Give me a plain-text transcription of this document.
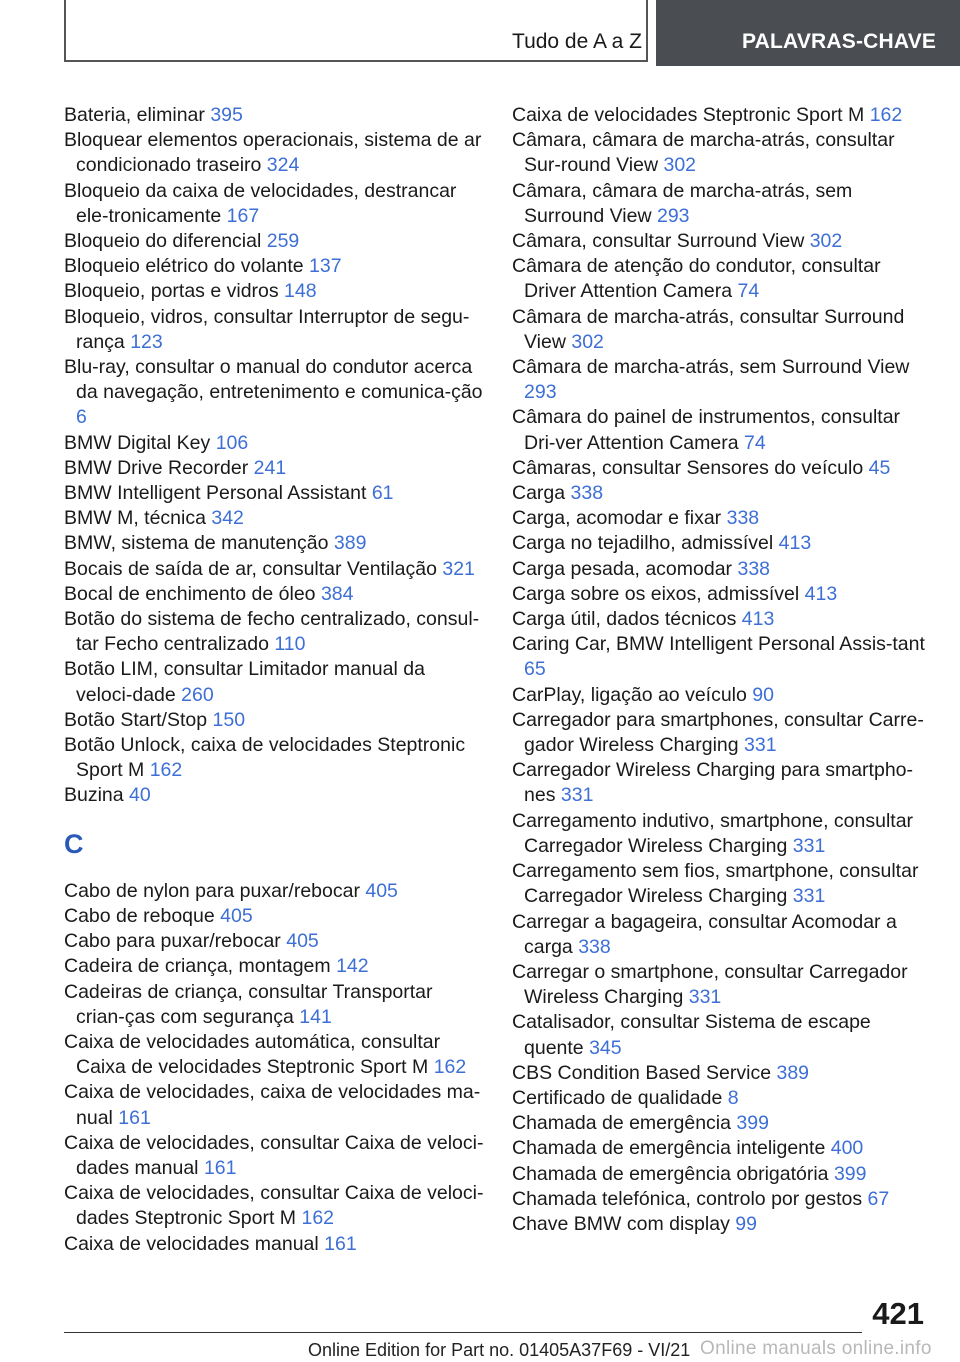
Tudo de A a Z	PALAVRAS-CHAVE
Bateria, eliminar 395
Bloquear elementos operacionais, sistema de ar condicionado traseiro 324
Bloqueio da caixa de velocidades, destrancar ele-tronicamente 167
Bloqueio do diferencial 259
Bloqueio elétrico do volante 137
Bloqueio, portas e vidros 148
Bloqueio, vidros, consultar Interruptor de segu-rança 123
Blu-ray, consultar o manual do condutor acerca da navegação, entretenimento e comunica-ção 6
BMW Digital Key 106
BMW Drive Recorder 241
BMW Intelligent Personal Assistant 61
BMW M, técnica 342
BMW, sistema de manutenção 389
Bocais de saída de ar, consultar Ventilação 321
Bocal de enchimento de óleo 384
Botão do sistema de fecho centralizado, consul-tar Fecho centralizado 110
Botão LIM, consultar Limitador manual da veloci-dade 260
Botão Start/Stop 150
Botão Unlock, caixa de velocidades Steptronic Sport M 162
Buzina 40
C
Cabo de nylon para puxar/rebocar 405
Cabo de reboque 405
Cabo para puxar/rebocar 405
Cadeira de criança, montagem 142
Cadeiras de criança, consultar Transportar crian-ças com segurança 141
Caixa de velocidades automática, consultar Caixa de velocidades Steptronic Sport M 162
Caixa de velocidades, caixa de velocidades ma-nual 161
Caixa de velocidades, consultar Caixa de veloci-dades manual 161
Caixa de velocidades, consultar Caixa de veloci-dades Steptronic Sport M 162
Caixa de velocidades manual 161
Caixa de velocidades Steptronic Sport M 162
Câmara, câmara de marcha-atrás, consultar Sur-round View 302
Câmara, câmara de marcha-atrás, sem Surround View 293
Câmara, consultar Surround View 302
Câmara de atenção do condutor, consultar Driver Attention Camera 74
Câmara de marcha-atrás, consultar Surround View 302
Câmara de marcha-atrás, sem Surround View 293
Câmara do painel de instrumentos, consultar Dri-ver Attention Camera 74
Câmaras, consultar Sensores do veículo 45
Carga 338
Carga, acomodar e fixar 338
Carga no tejadilho, admissível 413
Carga pesada, acomodar 338
Carga sobre os eixos, admissível 413
Carga útil, dados técnicos 413
Caring Car, BMW Intelligent Personal Assis-tant 65
CarPlay, ligação ao veículo 90
Carregador para smartphones, consultar Carre-gador Wireless Charging 331
Carregador Wireless Charging para smartpho-nes 331
Carregamento indutivo, smartphone, consultar Carregador Wireless Charging 331
Carregamento sem fios, smartphone, consultar Carregador Wireless Charging 331
Carregar a bagageira, consultar Acomodar a carga 338
Carregar o smartphone, consultar Carregador Wireless Charging 331
Catalisador, consultar Sistema de escape quente 345
CBS Condition Based Service 389
Certificado de qualidade 8
Chamada de emergência 399
Chamada de emergência inteligente 400
Chamada de emergência obrigatória 399
Chamada telefónica, controlo por gestos 67
Chave BMW com display 99
421
Online Edition for Part no. 01405A37F69 - VI/21 Online manuals online.info
